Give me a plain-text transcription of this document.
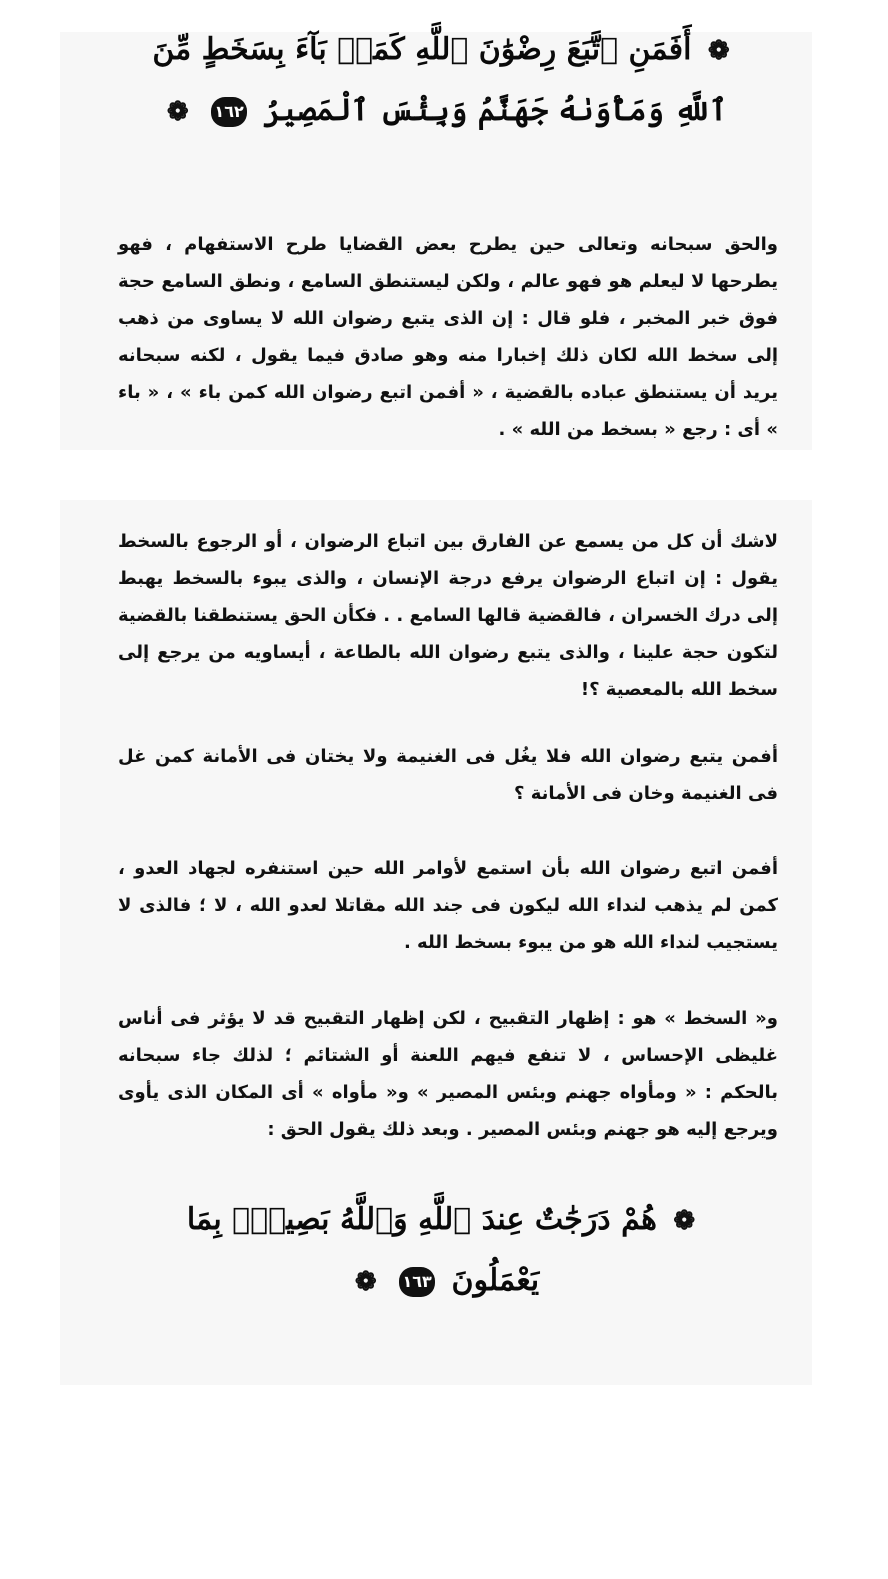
❁ أَفَمَنِ ٱتَّبَعَ رِضْوَٰنَ ٱللَّهِ كَمَنۢ بَآءَ بِسَخَطٍ مِّنَ
ٱللَّهِ وَمَأْوَىٰهُ جَهَنَّمُ وَبِئْسَ ٱلْمَصِيرُ ١٦٢ ❁

والحق سبحانه وتعالى حين يطرح بعض القضايا طرح الاستفهام ، فهو يطرحها لا ليعلم هو فهو عالم ، ولكن ليستنطق السامع ، ونطق السامع حجة فوق خبر المخبر ، فلو قال : إن الذى يتبع رضوان الله لا يساوى من ذهب إلى سخط الله لكان ذلك إخبارا منه وهو صادق فيما يقول ، لكنه سبحانه يريد أن يستنطق عباده بالقضية ، « أفمن اتبع رضوان الله كمن باء » ، « باء » أى : رجع « بسخط من الله » .

لاشك أن كل من يسمع عن الفارق بين اتباع الرضوان ، أو الرجوع بالسخط يقول : إن اتباع الرضوان يرفع درجة الإنسان ، والذى يبوء بالسخط يهبط إلى درك الخسران ، فالقضية قالها السامع . . فكأن الحق يستنطقنا بالقضية لتكون حجة علينا ، والذى يتبع رضوان الله بالطاعة ، أيساويه من يرجع إلى سخط الله بالمعصية ؟!

أفمن يتبع رضوان الله فلا يغُل فى الغنيمة ولا يختان فى الأمانة كمن غل فى الغنيمة وخان فى الأمانة ؟

أفمن اتبع رضوان الله بأن استمع لأوامر الله حين استنفره لجهاد العدو ، كمن لم يذهب لنداء الله ليكون فى جند الله مقاتلا لعدو الله ، لا ؛ فالذى لا يستجيب لنداء الله هو من يبوء بسخط الله .

و« السخط » هو : إظهار التقبيح ، لكن إظهار التقبيح قد لا يؤثر فى أناس غليظى الإحساس ، لا تنفع فيهم اللعنة أو الشتائم ؛ لذلك جاء سبحانه بالحكم : « ومأواه جهنم وبئس المصير » و« مأواه » أى المكان الذى يأوى ويرجع إليه هو جهنم وبئس المصير . وبعد ذلك يقول الحق :

❁ هُمْ دَرَجَٰتٌ عِندَ ٱللَّهِ وَٱللَّهُ بَصِيرٌۢ بِمَا
يَعْمَلُونَ ١٦٣ ❁
